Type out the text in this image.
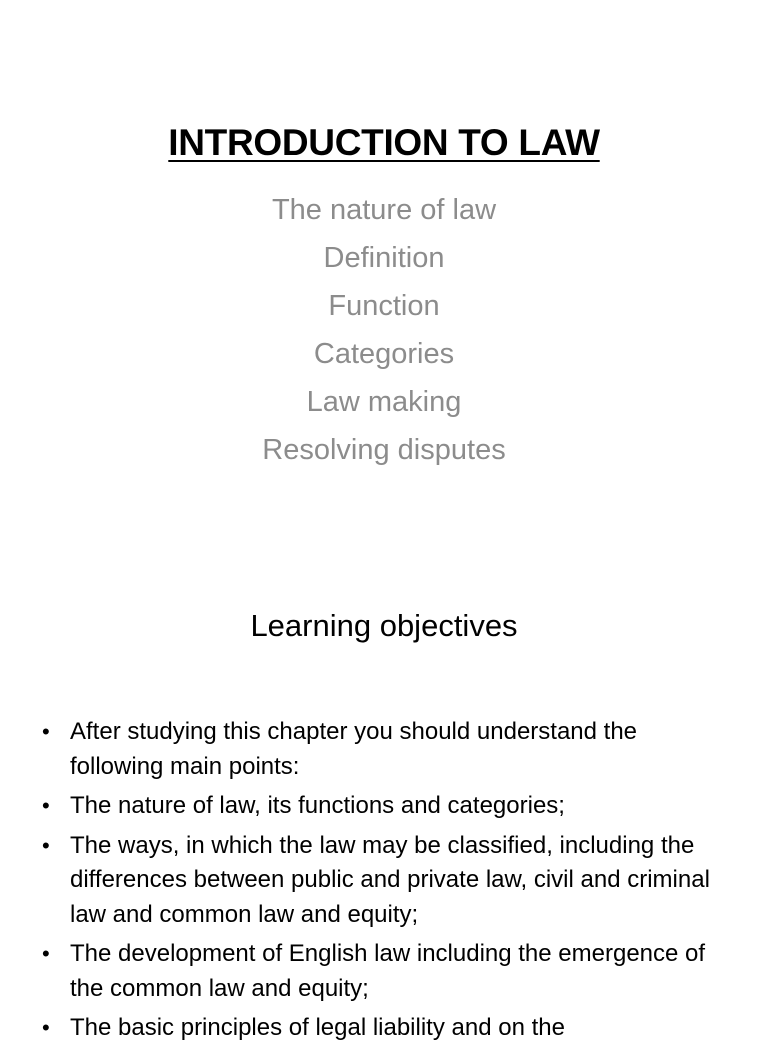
INTRODUCTION TO LAW
The nature of law
Definition
Function
Categories
Law making
Resolving disputes
Learning objectives
• After studying this chapter you should understand the following main points:
• The nature of law, its functions and categories;
• The ways, in which the law may be classified, including the differences between public and private law, civil and criminal law and common law and equity;
• The development of English law including the emergence of the common law and equity;
• The basic principles of legal liability and on the
